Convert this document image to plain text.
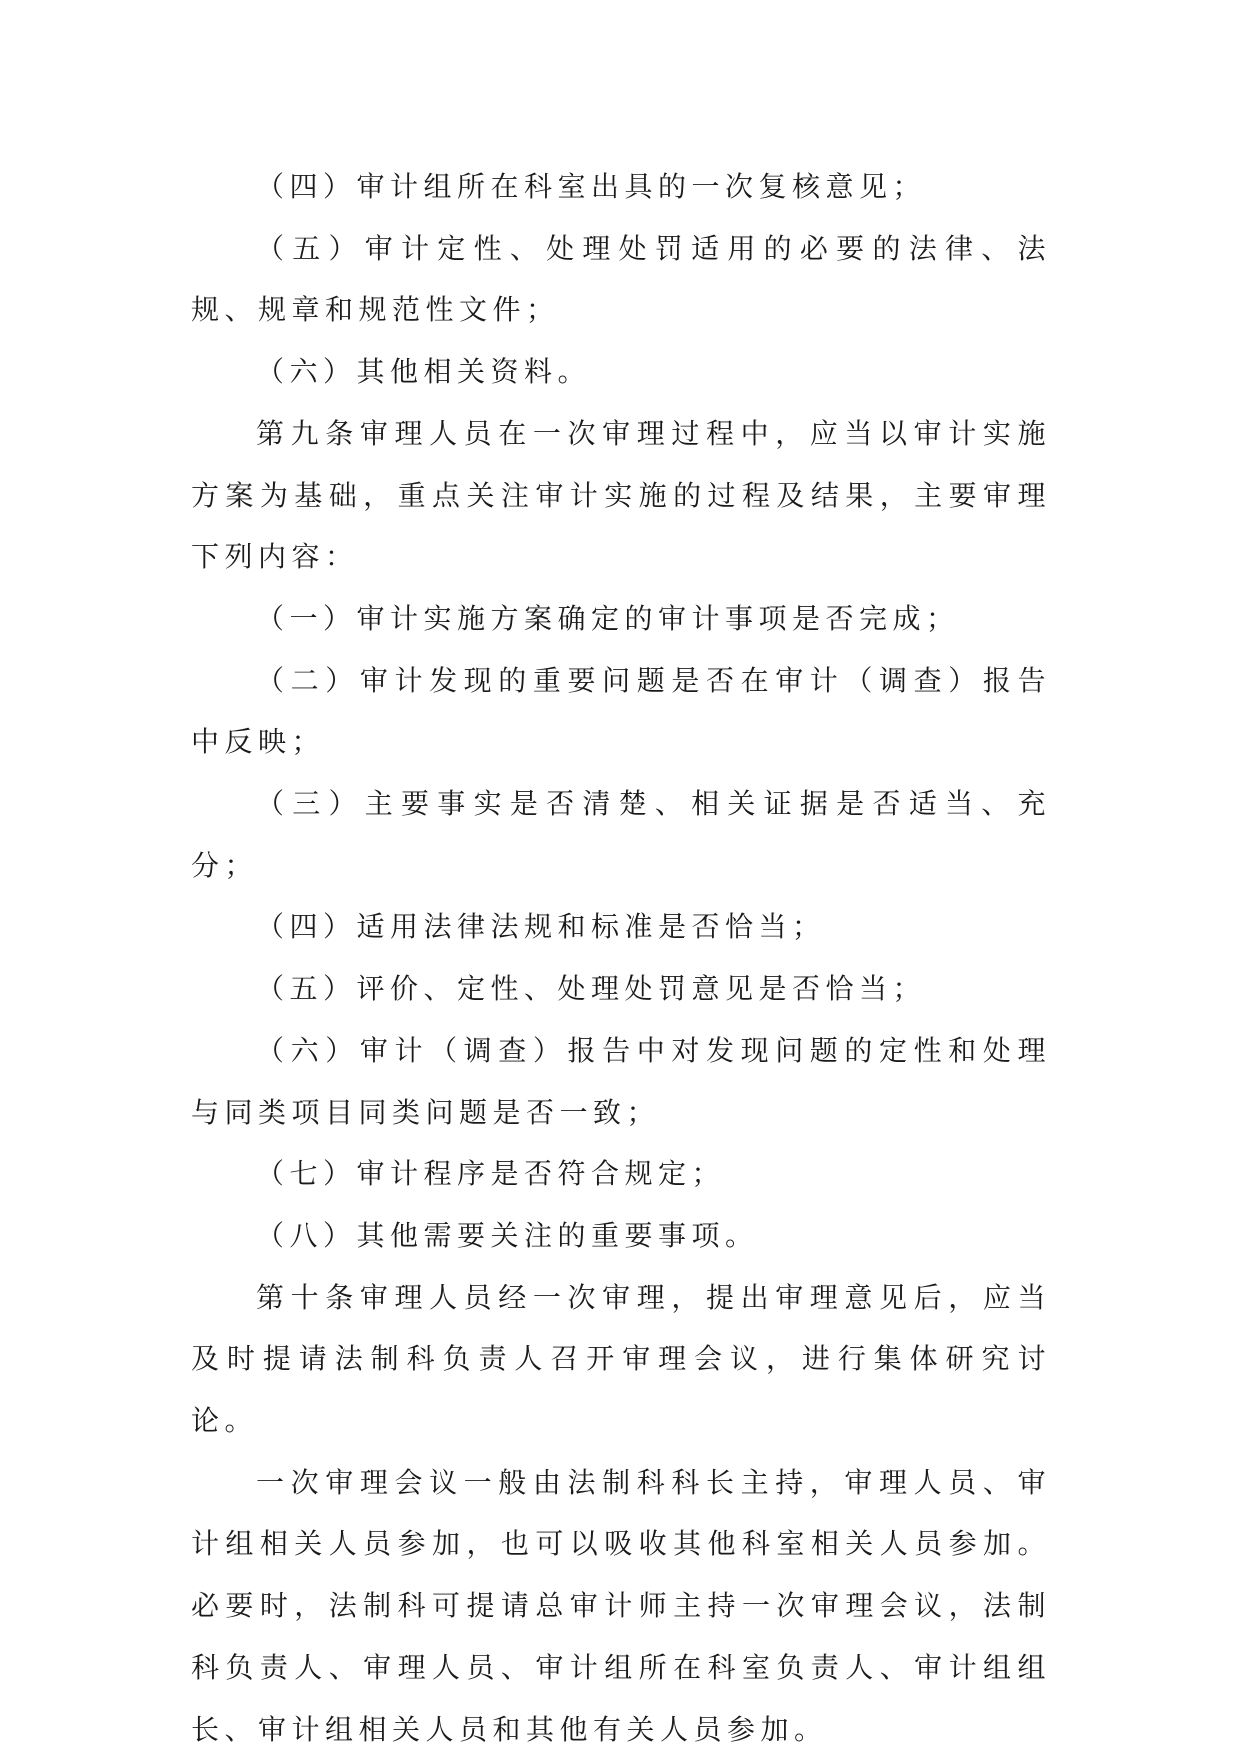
（四）审计组所在科室出具的一次复核意见；

（五）审计定性、处理处罚适用的必要的法律、法规、规章和规范性文件；

（六）其他相关资料。

第九条审理人员在一次审理过程中，应当以审计实施方案为基础，重点关注审计实施的过程及结果，主要审理下列内容：

（一）审计实施方案确定的审计事项是否完成；

（二）审计发现的重要问题是否在审计（调查）报告中反映；

（三）主要事实是否清楚、相关证据是否适当、充分；

（四）适用法律法规和标准是否恰当；

（五）评价、定性、处理处罚意见是否恰当；

（六）审计（调查）报告中对发现问题的定性和处理与同类项目同类问题是否一致；

（七）审计程序是否符合规定；

（八）其他需要关注的重要事项。

第十条审理人员经一次审理，提出审理意见后，应当及时提请法制科负责人召开审理会议，进行集体研究讨论。

一次审理会议一般由法制科科长主持，审理人员、审计组相关人员参加，也可以吸收其他科室相关人员参加。必要时，法制科可提请总审计师主持一次审理会议，法制科负责人、审理人员、审计组所在科室负责人、审计组组长、审计组相关人员和其他有关人员参加。
